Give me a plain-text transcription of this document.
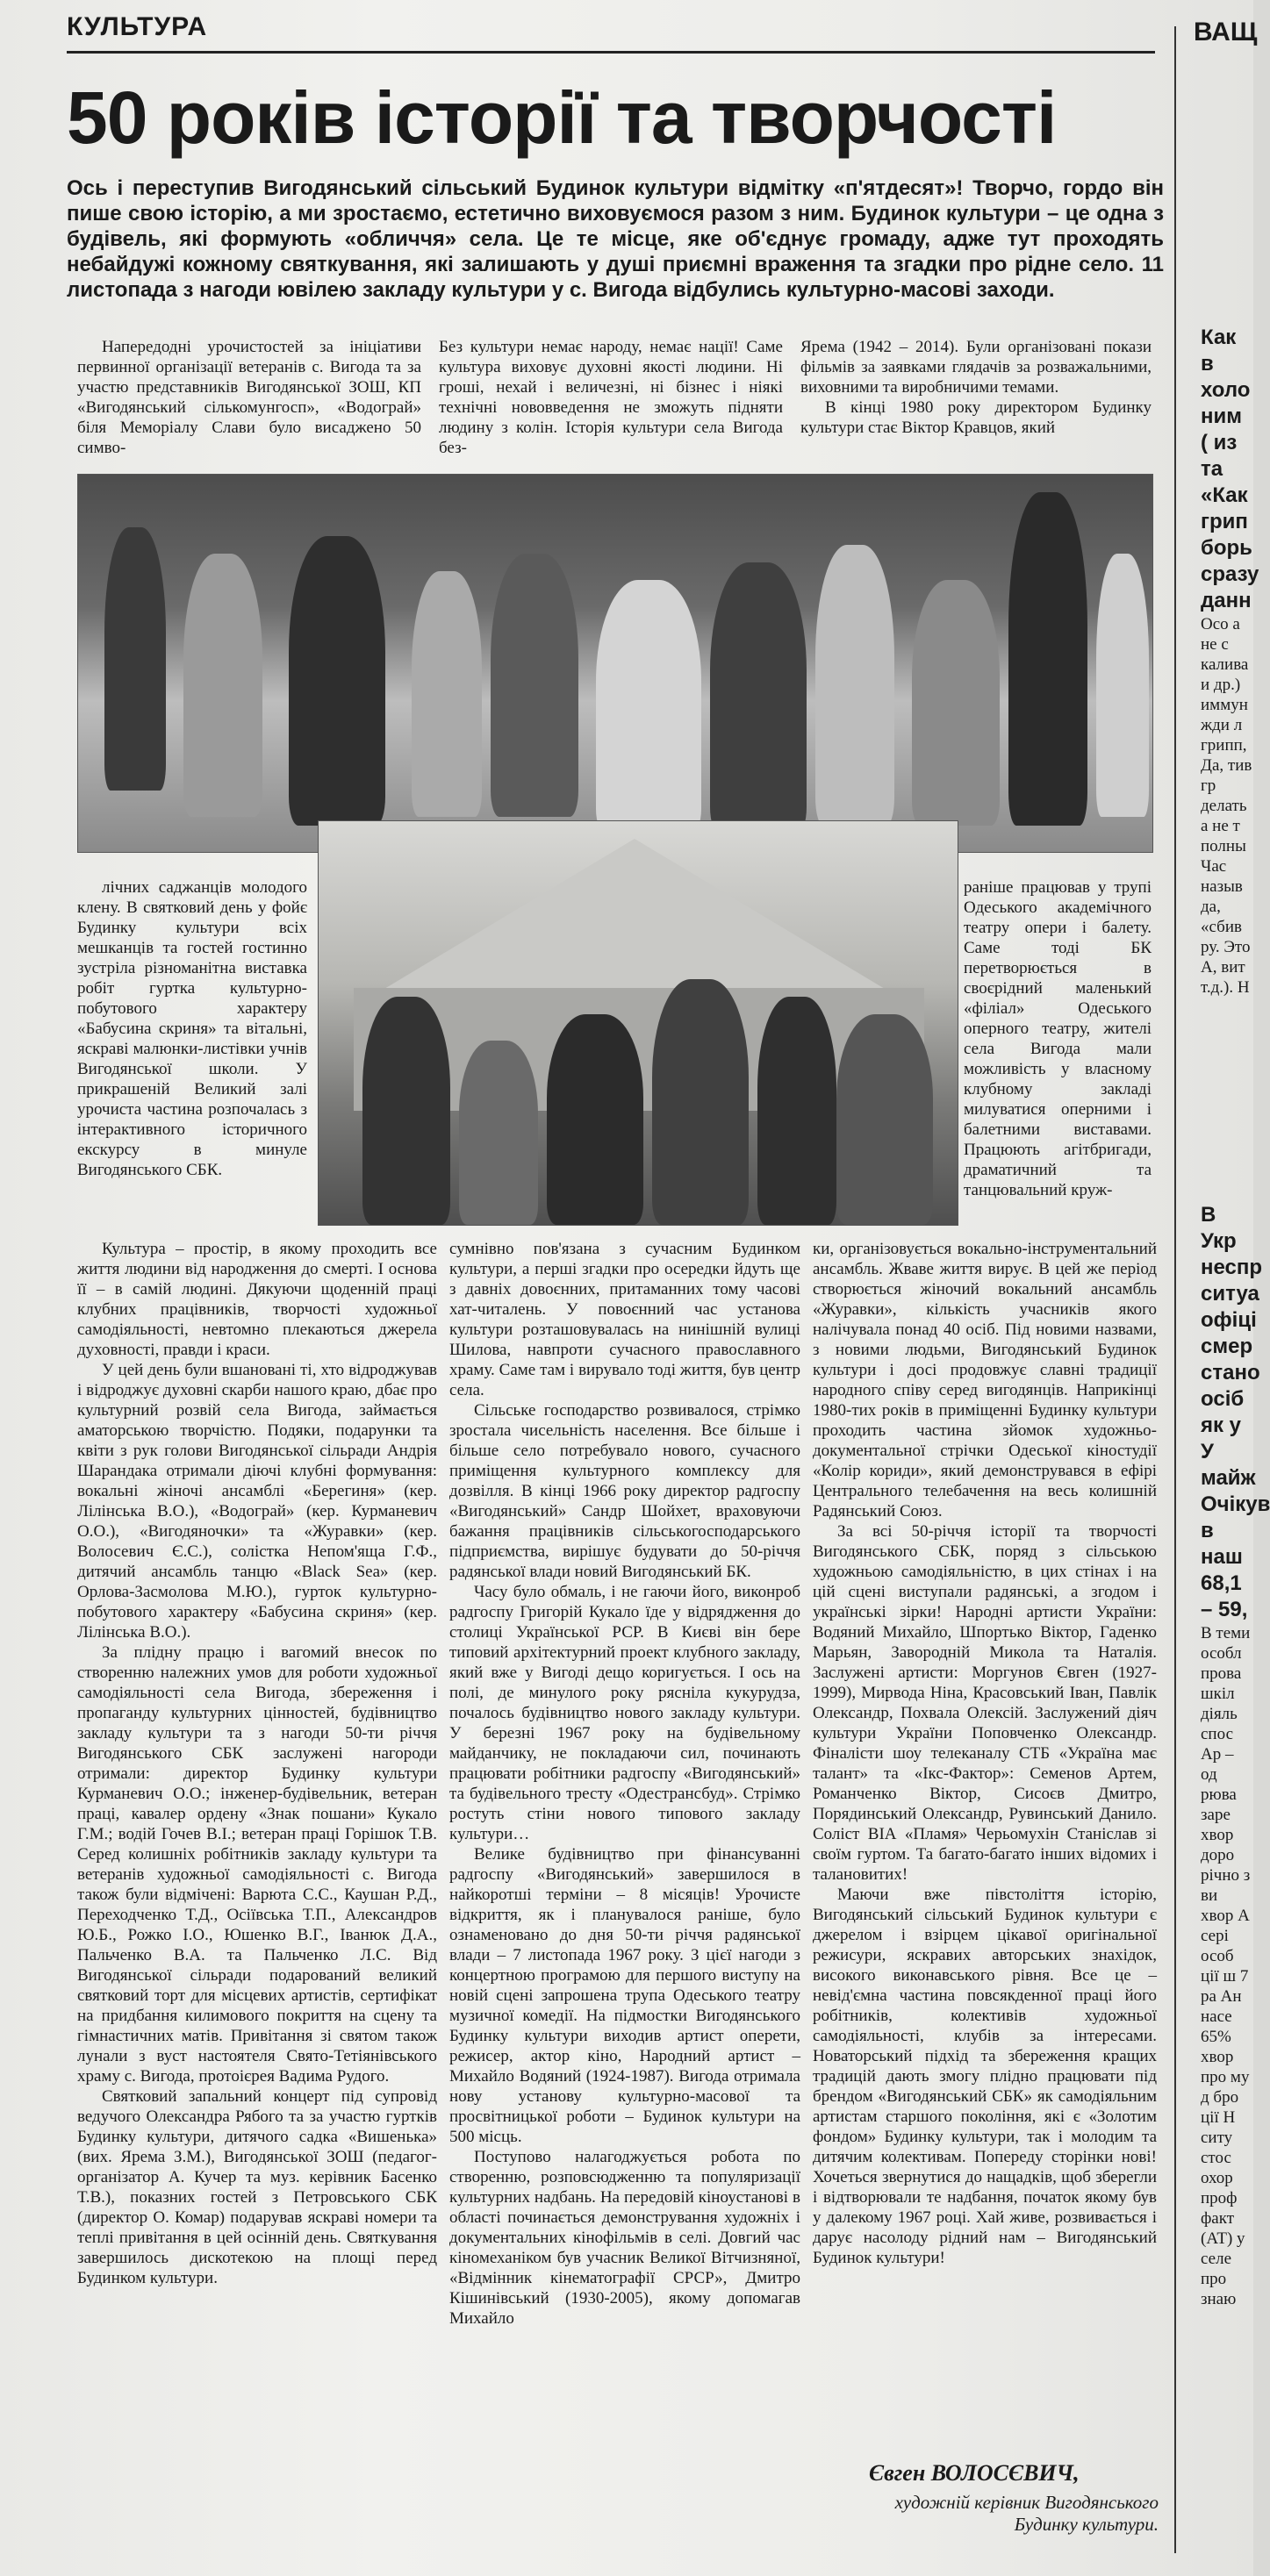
КУЛЬТУРА	ВАЩ
50 років історії та творчості
Ось і переступив Вигодянський сільський Будинок культури відмітку «п'ятдесят»! Творчо, гордо він пише свою історію, а ми зростаємо, естетично виховуємося разом з ним. Будинок культури – це одна з будівель, які формують «обличчя» села. Це те місце, яке об'єднує громаду, адже тут проходять небайдужі кожному святкування, які залишають у душі приємні враження та згадки про рідне село. 11 листопада з нагоди ювілею закладу культури у с. Вигода відбулись культурно-масові заходи.

Напередодні урочистостей за ініціативи первинної організації ветеранів с. Вигода та за участю представників Вигодянської ЗОШ, КП «Вигодянський сількомунгосп», «Водограй» біля Меморіалу Слави було висаджено 50 симво-

Без культури немає народу, немає нації! Саме культура виховує духовні якості людини. Ні гроші, нехай і величезні, ні бізнес і ніякі технічні нововведення не зможуть підняти людину з колін. Історія культури села Вигода без-

Ярема (1942 – 2014). Були організовані покази фільмів за заявками глядачів за розважальними, виховними та виробничими темами.

В кінці 1980 року директором Будинку культури стає Віктор Кравцов, який

лічних саджанців молодого клену. В святковий день у фойє Будинку культури всіх мешканців та гостей гостинно зустріла різноманітна виставка робіт гуртка культурно-побутового характеру «Бабусина скриня» та вітальні, яскраві малюнки-листівки учнів Вигодянської школи. У прикрашеній Великий залі урочиста частина розпочалась з інтерактивного історичного екскурсу в минуле Вигодянського СБК.

раніше працював у трупі Одеського академічного театру опери і балету. Саме тоді БК перетворюється в своєрідний маленький «філіал» Одеського оперного театру, жителі села Вигода мали можливість у власному клубному закладі милуватися оперними і балетними виставами. Працюють агітбригади, драматичний та танцювальний круж-

Культура – простір, в якому проходить все життя людини від народження до смерті. І основа її – в самій людині. Дякуючи щоденній праці клубних працівників, творчості художньої самодіяльності, невтомно плекаються джерела духовності, правди і краси.

У цей день були вшановані ті, хто відроджував і відроджує духовні скарби нашого краю, дбає про культурний розвій села Вигода, займається аматорською творчістю. Подяки, подарунки та квіти з рук голови Вигодянської сільради Андрія Шарандака отримали діючі клубні формування: вокальні жіночі ансамблі «Берегиня» (кер. Лілінська В.О.), «Водограй» (кер. Курманевич О.О.), «Вигодяночки» та «Журавки» (кер. Волосевич Є.С.), солістка Непом'яща Г.Ф., дитячий ансамбль танцю «Black Sea» (кер. Орлова-Засмолова М.Ю.), гурток культурно-побутового характеру «Бабусина скриня» (кер. Лілінська В.О.).

За плідну працю і вагомий внесок по створенню належних умов для роботи художньої самодіяльності села Вигода, збереження і пропаганду культурних цінностей, будівництво закладу культури та з нагоди 50-ти річчя Вигодянського СБК заслужені нагороди отримали: директор Будинку культури Курманевич О.О.; інженер-будівельник, ветеран праці, кавалер ордену «Знак пошани» Кукало Г.М.; водій Гочев В.І.; ветеран праці Горішок Т.В. Серед колишніх робітників закладу культури та ветеранів художньої самодіяльності с. Вигода також були відмічені: Варюта С.С., Каушан Р.Д., Переходченко Т.Д., Осіївська Т.П., Александров Ю.Б., Рожко І.О., Юшенко В.Г., Іванюк Д.А., Пальченко В.А. та Пальченко Л.С. Від Вигодянської сільради подарований великий святковий торт для місцевих артистів, сертифікат на придбання килимового покриття на сцену та гімнастичних матів. Привітання зі святом також лунали з вуст настоятеля Свято-Тетіянівського храму с. Вигода, протоієрея Вадима Рудого.

Святковий запальний концерт під супровід ведучого Олександра Рябого та за участю гуртків Будинку культури, дитячого садка «Вишенька» (вих. Ярема З.М.), Вигодянської ЗОШ (педагог-організатор А. Кучер та муз. керівник Басенко Т.В.), показних гостей з Петровського СБК (директор О. Комар) подарував яскраві номери та теплі привітання в цей осінній день. Святкування завершилось дискотекою на площі перед Будинком культури.

сумнівно пов'язана з сучасним Будинком культури, а перші згадки про осередки йдуть ще з давніх довоєнних, притаманних тому часові хат-читалень. У повоєнний час установа культури розташовувалась на нинішній вулиці Шилова, навпроти сучасного православного храму. Саме там і вирувало тоді життя, був центр села.

Сільське господарство розвивалося, стрімко зростала чисельність населення. Все більше і більше село потребувало нового, сучасного приміщення культурного комплексу для дозвілля. В кінці 1966 року директор радгоспу «Вигодянський» Сандр Шойхет, враховуючи бажання працівників сільськогосподарського підприємства, вирішує будувати до 50-річчя радянської влади новий Вигодянський БК.

Часу було обмаль, і не гаючи його, виконроб радгоспу Григорій Кукало їде у відрядження до столиці Української РСР. В Києві він бере типовий архітектурний проект клубного закладу, який вже у Вигоді дещо коригується. І ось на полі, де минулого року рясніла кукурудза, почалось будівництво нового закладу культури. У березні 1967 року на будівельному майданчику, не покладаючи сил, починають працювати робітники радгоспу «Вигодянський» та будівельного тресту «Одестрансбуд». Стрімко ростуть стіни нового типового закладу культури…

Велике будівництво при фінансуванні радгоспу «Вигодянський» завершилося в найкоротші терміни – 8 місяців! Урочисте відкриття, як і планувалося раніше, було ознаменовано до дня 50-ти річчя радянської влади – 7 листопада 1967 року. З цієї нагоди з концертною програмою для першого виступу на новій сцені запрошена трупа Одеського театру музичної комедії. На підмостки Вигодянського Будинку культури виходив артист оперети, режисер, актор кіно, Народний артист – Михайло Водяний (1924-1987). Вигода отримала нову установу культурно-масової та просвітницької роботи – Будинок культури на 500 місць.

Поступово налагоджується робота по створенню, розповсюдженню та популяризації культурних надбань. На передовій кіноустанові в області починається демонстрування художніх і документальних кінофільмів в селі. Довгий час кіномеханіком був учасник Великої Вітчизняної, «Відмінник кінематографії СРСР», Дмитро Кішинівський (1930-2005), якому допомагав Михайло

ки, організовується вокально-інструментальний ансамбль. Жваве життя вирує. В цей же період створюється жіночий вокальний ансамбль «Журавки», кількість учасників якого налічувала понад 40 осіб. Під новими назвами, з новими людьми, Вигодянський Будинок культури і досі продовжує славні традиції народного співу серед вигодянців. Наприкінці 1980-тих років в приміщенні Будинку культури проходить частина зйомок художньо-документальної стрічки Одеської кіностудії «Колір кориди», який демонструвався в ефірі Центрального телебачення на весь колишній Радянський Союз.

За всі 50-річчя історії та творчості Вигодянського СБК, поряд з сільською художньою самодіяльністю, в цих стінах і на цій сцені виступали радянські, а згодом і українські зірки! Народні артисти України: Водяний Михайло, Шпортько Віктор, Гаденко Марьян, Завородній Микола та Наталія. Заслужені артисти: Моргунов Євген (1927-1999), Мирвода Ніна, Красовський Іван, Павлік Олександр, Похвала Олексій. Заслужений діяч культури України Поповченко Олександр. Фіналісти шоу телеканалу СТБ «Україна має талант» та «Ікс-Фактор»: Семенов Артем, Романченко Віктор, Сисоєв Дмитро, Порядинський Олександр, Рувинський Данило. Соліст ВІА «Пламя» Черьомухін Станіслав зі своїм гуртом. Та багато-багато інших відомих і талановитих!

Маючи вже півстоліття історію, Вигодянський сільський Будинок культури є джерелом і взірцем цікавої оригінальної режисури, яскравих авторських знахідок, високого виконавського рівня. Все це – невід'ємна частина повсякденної праці його робітників, колективів художньої самодіяльності, клубів за інтересами. Новаторський підхід та збереження кращих традицій дають змогу плідно працювати під брендом «Вигодянський СБК» як самодіяльним артистам старшого покоління, які є «Золотим фондом» Будинку культури, так і молодим та дитячим колективам. Попереду сторінки нові! Хочеться звернутися до нащадків, щоб зберегли і відтворювали те надбання, початок якому був у далекому 1967 році. Хай живе, розвивається і дарує насолоду рідний нам – Вигодянський Будинок культури!

Євген ВОЛОСЄВИЧ,
художній керівник Вигодянського Будинку культури.
Как в холо ним ( из та «Как грип борь сразу данн
Осо а не с калива и др.) иммун жди л грипп, Да, тив гр делать а не т полны Час назыв да, «сбив ру. Это А, вит т.д.). Н
В Укр неспр ситуа офіці смер стано осіб як у У майж Очікув в наш 68,1 – 59,
В теми особл прова шкіл діяль спос Ар – од рюва заре хвор доро річно з ви хвор А сері особ ції ш 7 ра Ан насе 65% хвор про му д бро ції Н ситу стос охор проф факт (АТ) у селе про знаю
